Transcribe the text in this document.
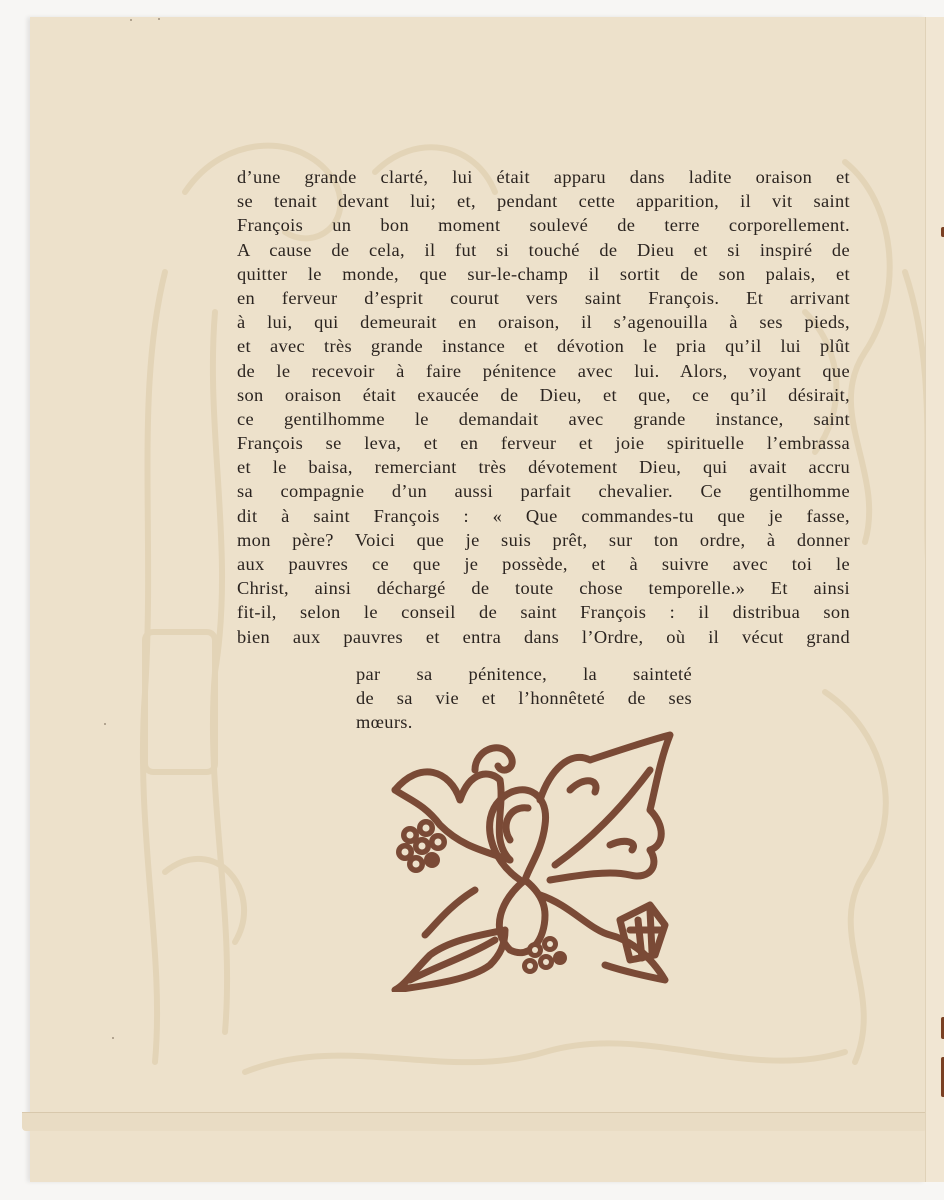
d’une grande clarté, lui était apparu dans ladite oraison et
se tenait devant lui; et, pendant cette apparition, il vit saint
François un bon moment soulevé de terre corporellement.
A cause de cela, il fut si touché de Dieu et si inspiré de
quitter le monde, que sur-le-champ il sortit de son palais, et
en ferveur d’esprit courut vers saint François. Et arrivant
à lui, qui demeurait en oraison, il s’agenouilla à ses pieds,
et avec très grande instance et dévotion le pria qu’il lui plût
de le recevoir à faire pénitence avec lui. Alors, voyant que
son oraison était exaucée de Dieu, et que, ce qu’il désirait,
ce gentilhomme le demandait avec grande instance, saint
François se leva, et en ferveur et joie spirituelle l’embrassa
et le baisa, remerciant très dévotement Dieu, qui avait accru
sa compagnie d’un aussi parfait chevalier. Ce gentilhomme
dit à saint François : « Que commandes-tu que je fasse,
mon père? Voici que je suis prêt, sur ton ordre, à donner
aux pauvres ce que je possède, et à suivre avec toi le
Christ, ainsi déchargé de toute chose temporelle.» Et ainsi
fit-il, selon le conseil de saint François : il distribua son
bien aux pauvres et entra dans l’Ordre, où il vécut grand
par sa pénitence, la sainteté
de sa vie et l’honnêteté de ses
mœurs.
